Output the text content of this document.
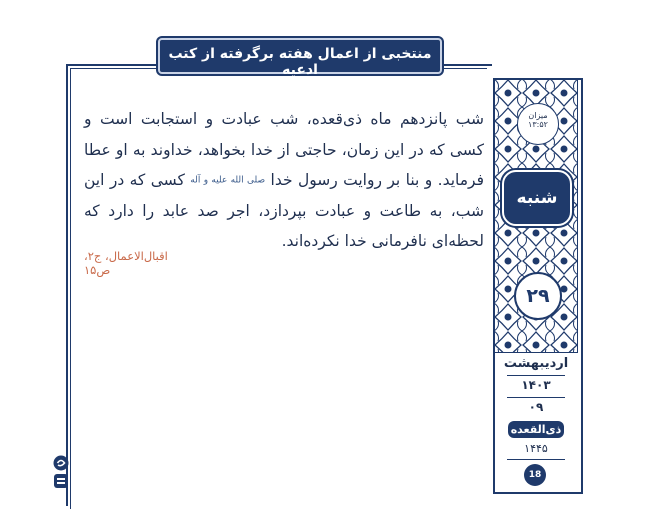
منتخبی از اعمال هفته برگرفته از کتب ادعیه
شب پانزدهم ماه ذی‌قعده، شب عبادت و استجابت است و کسی که در این زمان، حاجتی از خدا بخواهد، خداوند به او عطا فرماید. و بنا بر روایت رسول خدا صلی الله علیه و آله کسی که در این شب، به طاعت و عبادت بپردازد، اجر صد عابد را دارد که لحظه‌ای نافرمانی خدا نکرده‌اند.
اقبال‌الاعمال، ج۲، ص۱۵
میزان
۱۳:۵۲
شنبه
۲۹
اردیبهشت
۱۴۰۳
۰۹
ذی‌القعده
۱۴۴۵
18
